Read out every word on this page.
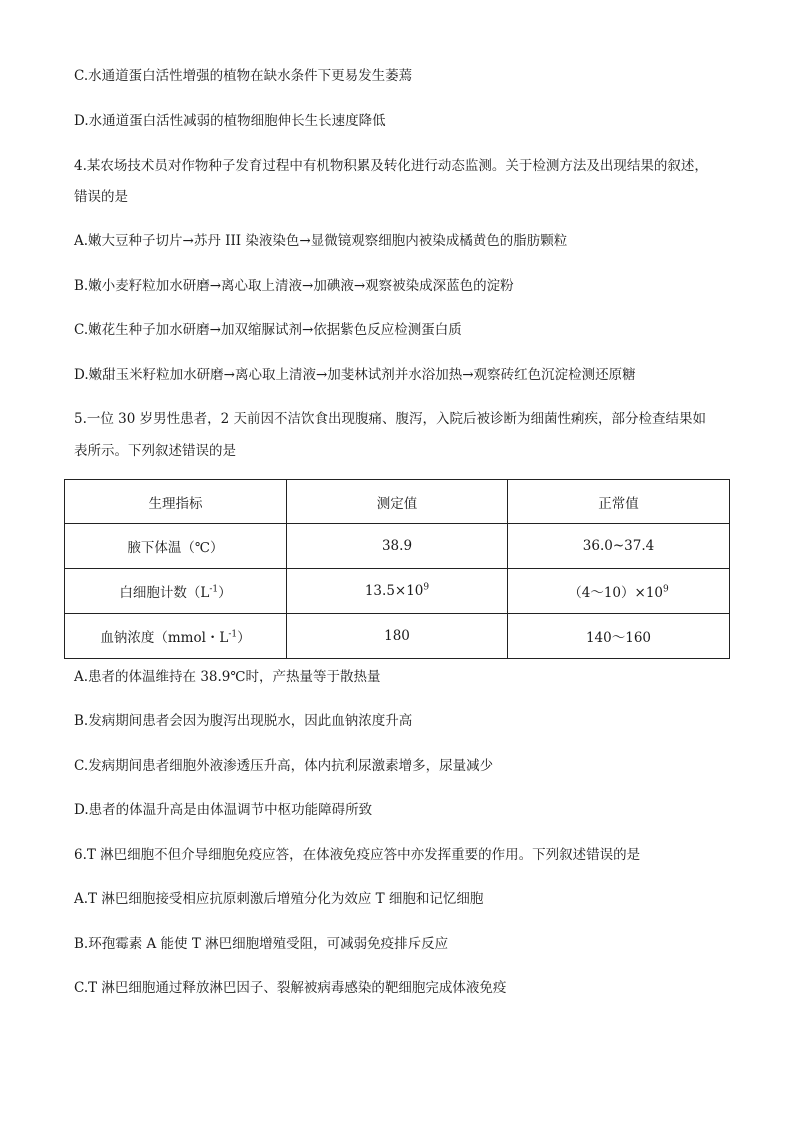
C.水通道蛋白活性增强的植物在缺水条件下更易发生萎蔫
D.水通道蛋白活性减弱的植物细胞伸长生长速度降低
4.某农场技术员对作物种子发育过程中有机物积累及转化进行动态监测。关于检测方法及出现结果的叙述，
错误的是
A.嫩大豆种子切片→苏丹 III 染液染色→显微镜观察细胞内被染成橘黄色的脂肪颗粒
B.嫩小麦籽粒加水研磨→离心取上清液→加碘液→观察被染成深蓝色的淀粉
C.嫩花生种子加水研磨→加双缩脲试剂→依据紫色反应检测蛋白质
D.嫩甜玉米籽粒加水研磨→离心取上清液→加斐林试剂并水浴加热→观察砖红色沉淀检测还原糖
5.一位 30 岁男性患者，2 天前因不洁饮食出现腹痛、腹泻，入院后被诊断为细菌性痢疾，部分检查结果如
表所示。下列叙述错误的是
生理指标	测定值	正常值
腋下体温（℃）	38.9	36.0~37.4
白细胞计数$(L^{-1})$	$13.5\times 10^9$	$(4\sim 10)\times 10^9$
血钠浓度（mmol・$L^{-1}$）	180	140～160
A.患者的体温维持在 38.9℃时，产热量等于散热量
B.发病期间患者会因为腹泻出现脱水，因此血钠浓度升高
C.发病期间患者细胞外液渗透压升高，体内抗利尿激素增多，尿量减少
D.患者的体温升高是由体温调节中枢功能障碍所致
6.T 淋巴细胞不但介导细胞免疫应答，在体液免疫应答中亦发挥重要的作用。下列叙述错误的是
A.T 淋巴细胞接受相应抗原刺激后增殖分化为效应 T 细胞和记忆细胞
B.环孢霉素 A 能使 T 淋巴细胞增殖受阻，可减弱免疫排斥反应
C.T 淋巴细胞通过释放淋巴因子、裂解被病毒感染的靶细胞完成体液免疫
